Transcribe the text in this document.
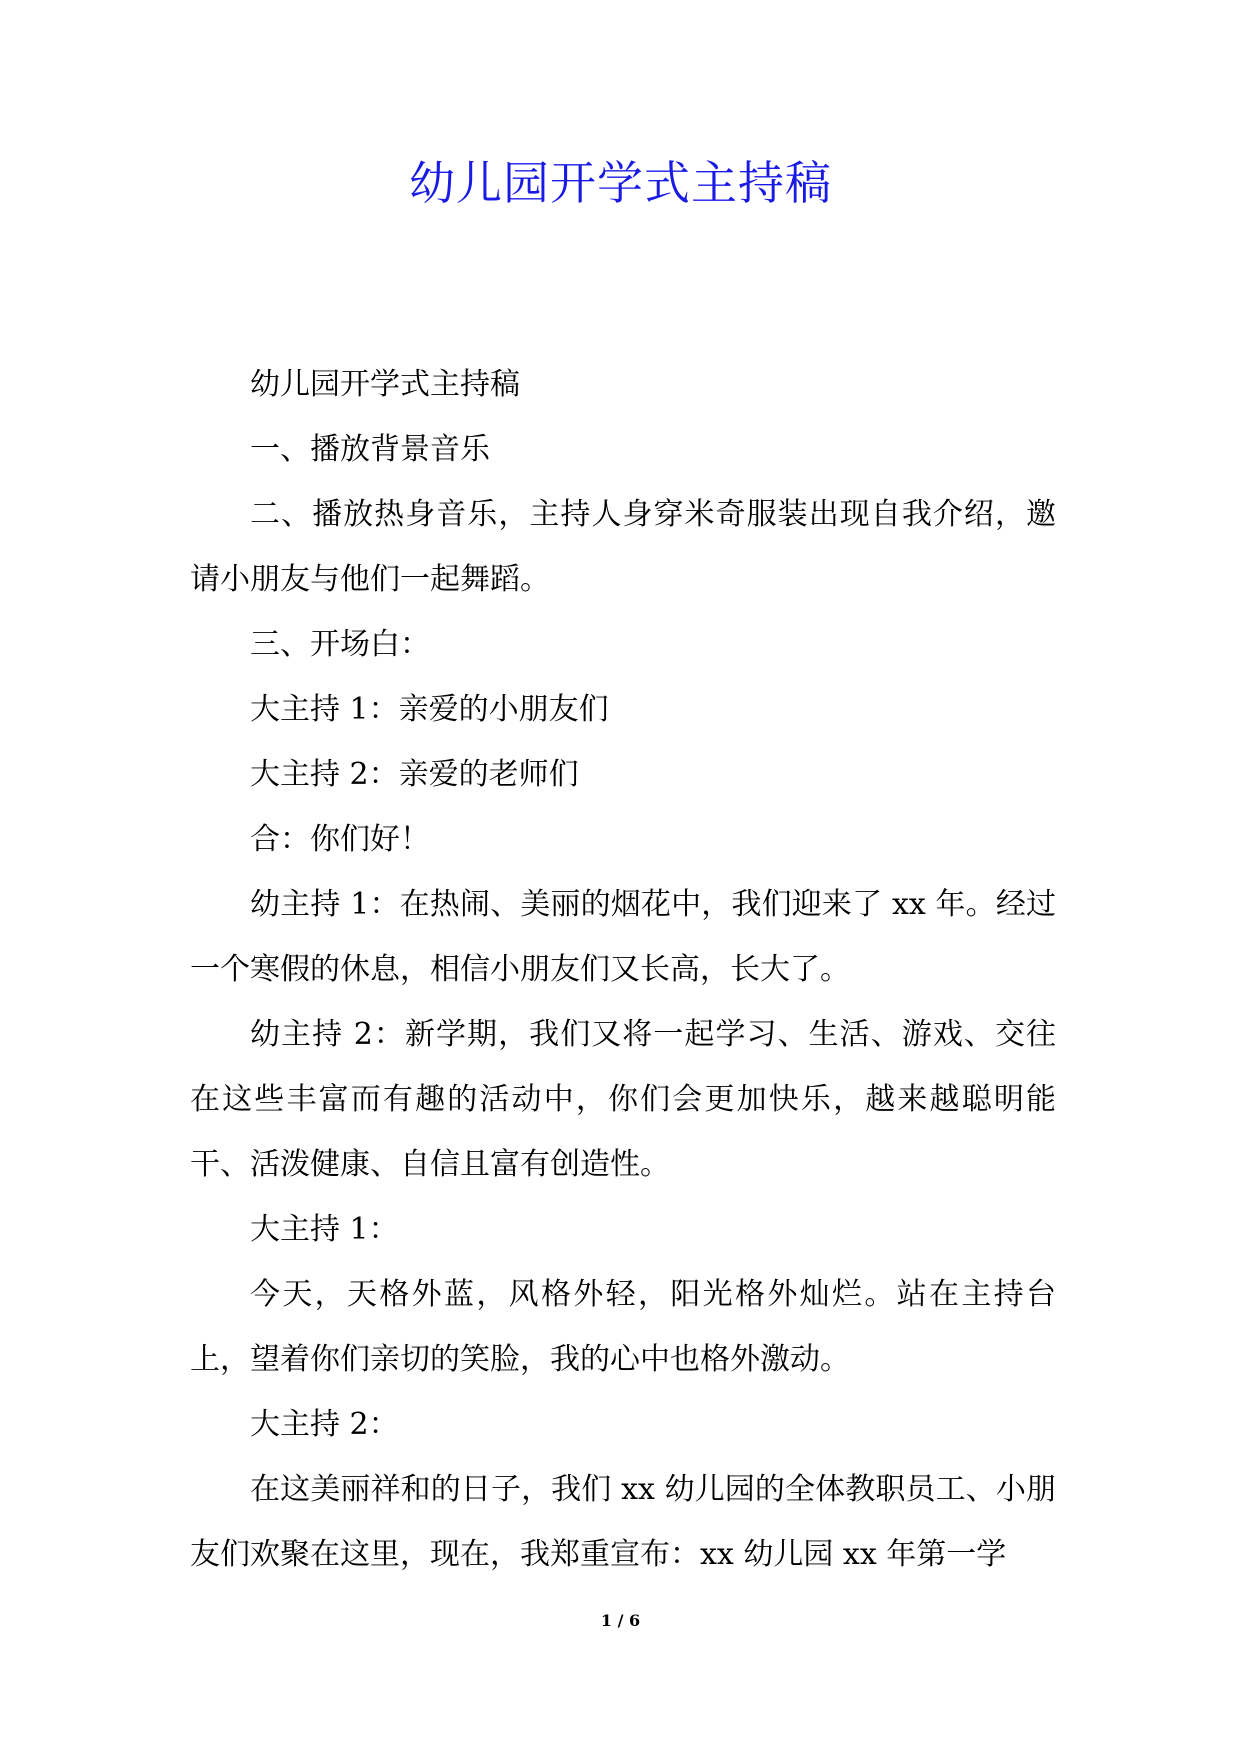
幼儿园开学式主持稿

幼儿园开学式主持稿

一、播放背景音乐

二、播放热身音乐，主持人身穿米奇服装出现自我介绍，邀请小朋友与他们一起舞蹈。

三、开场白：

大主持 1：亲爱的小朋友们

大主持 2：亲爱的老师们

合：你们好！

幼主持 1：在热闹、美丽的烟花中，我们迎来了 xx 年。经过一个寒假的休息，相信小朋友们又长高，长大了。

幼主持 2：新学期，我们又将一起学习、生活、游戏、交往在这些丰富而有趣的活动中，你们会更加快乐，越来越聪明能干、活泼健康、自信且富有创造性。

大主持 1：

今天，天格外蓝，风格外轻，阳光格外灿烂。站在主持台上，望着你们亲切的笑脸，我的心中也格外激动。

大主持 2：

在这美丽祥和的日子，我们 xx 幼儿园的全体教职员工、小朋友们欢聚在这里，现在，我郑重宣布：xx 幼儿园 xx 年第一学

1 / 6
